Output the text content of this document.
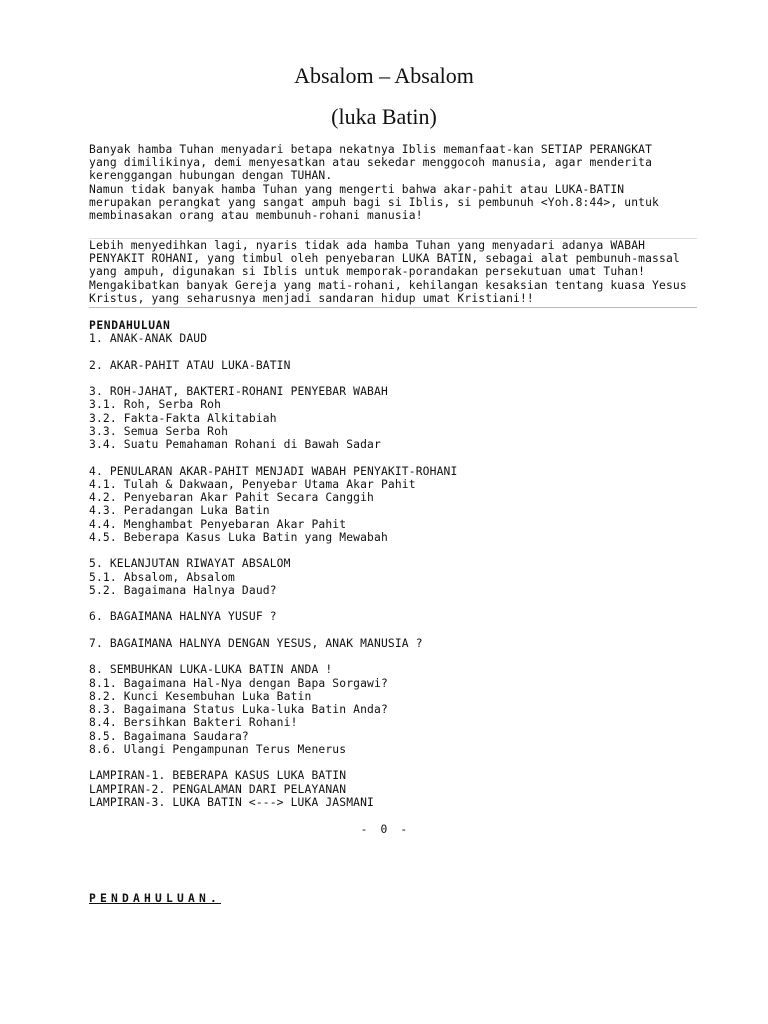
Absalom – Absalom
(luka Batin)
Banyak hamba Tuhan menyadari betapa nekatnya Iblis memanfaat-kan SETIAP PERANGKAT
yang dimilikinya, demi menyesatkan atau sekedar menggocoh manusia, agar menderita
kerenggangan hubungan dengan TUHAN.
Namun tidak banyak hamba Tuhan yang mengerti bahwa akar-pahit atau LUKA-BATIN
merupakan perangkat yang sangat ampuh bagi si Iblis, si pembunuh <Yoh.8:44>, untuk
membinasakan orang atau membunuh-rohani manusia!
Lebih menyedihkan lagi, nyaris tidak ada hamba Tuhan yang menyadari adanya WABAH
PENYAKIT ROHANI, yang timbul oleh penyebaran LUKA BATIN, sebagai alat pembunuh-massal
yang ampuh, digunakan si Iblis untuk memporak-porandakan persekutuan umat Tuhan!
Mengakibatkan banyak Gereja yang mati-rohani, kehilangan kesaksian tentang kuasa Yesus
Kristus, yang seharusnya menjadi sandaran hidup umat Kristiani!!
PENDAHULUAN
1. ANAK-ANAK DAUD
2. AKAR-PAHIT ATAU LUKA-BATIN
3. ROH-JAHAT, BAKTERI-ROHANI PENYEBAR WABAH
3.1. Roh, Serba Roh
3.2. Fakta-Fakta Alkitabiah
3.3. Semua Serba Roh
3.4. Suatu Pemahaman Rohani di Bawah Sadar
4. PENULARAN AKAR-PAHIT MENJADI WABAH PENYAKIT-ROHANI
4.1. Tulah & Dakwaan, Penyebar Utama Akar Pahit
4.2. Penyebaran Akar Pahit Secara Canggih
4.3. Peradangan Luka Batin
4.4. Menghambat Penyebaran Akar Pahit
4.5. Beberapa Kasus Luka Batin yang Mewabah
5. KELANJUTAN RIWAYAT ABSALOM
5.1. Absalom, Absalom
5.2. Bagaimana Halnya Daud?
6. BAGAIMANA HALNYA YUSUF ?
7. BAGAIMANA HALNYA DENGAN YESUS, ANAK MANUSIA ?
8. SEMBUHKAN LUKA-LUKA BATIN ANDA !
8.1. Bagaimana Hal-Nya dengan Bapa Sorgawi?
8.2. Kunci Kesembuhan Luka Batin
8.3. Bagaimana Status Luka-luka Batin Anda?
8.4. Bersihkan Bakteri Rohani!
8.5. Bagaimana Saudara?
8.6. Ulangi Pengampunan Terus Menerus
LAMPIRAN-1. BEBERAPA KASUS LUKA BATIN
LAMPIRAN-2. PENGALAMAN DARI PELAYANAN
LAMPIRAN-3. LUKA BATIN <---> LUKA JASMANI
- 0 -
PENDAHULUAN.
